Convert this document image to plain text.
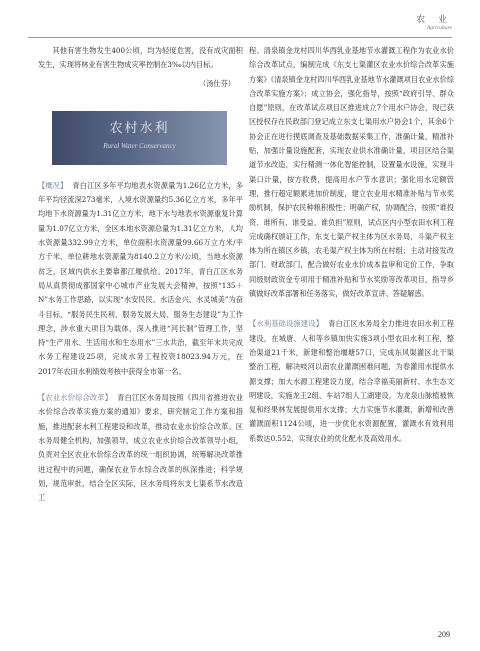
农 业
Agriculture

其他有害生物发生400公顷，均为轻度危害，没有成灾面积发生，实现将林业有害生物成灾率控制在3‰以内目标。

（汤仕芬）

农村水利
Rural Water Conservancy

【概况】 青白江区多年平均地表水资源量为1.26亿立方米，多年平均径流深273毫米，入境水资源量约5.36亿立方米，多年平均地下水资源量为1.31亿立方米，地下水与地表水资源重复计算量为1.07亿立方米，全区本地水资源总量为1.31亿立方米，人均水资源量332.99立方米，单位面积水资源量99.66万立方米/平方千米，单位耕地水资源量为8140.2立方米/公顷，当地水资源贫乏，区域内供水主要靠都江堰供给。2017年，青白江区水务局从真贯彻成都国家中心城市产业发展大会精神，按照“135＋N”水务工作思路，以实现“水安民民、水活金兴、水灵城美”为奋斗目标，“服务民生民利、服务发展大局、服务生态建设”为工作理念，涉水重大项目为载体，深入推进“河长制”管理工作，坚持“生产用水、生活用水和生态用水”三水共治，截至年末共完成水务工程建设25项，完成水务工程投资18023.94万元，在2017年农田水利绩效考核中获得全市第一名。

【农业水价综合改革】 青白江区水务局按照《四川省推进农业水价综合改革实施方案的通知》要求，研究制定工作方案和措施，推进配套水利工程建设和改革，推动农业水价综合改革。区水务局健全机构，加强领导，成立农业水价综合改革领导小组，负责对全区农业水价综合改革的统一组织协调，统筹解决改革推进过程中的问题，确保农业节水综合改革的纵深推进；科学规划，规范审批，结合全区实际，区水务局将东支七渠系节水改造工

程、清泉镇金龙村四川华西乳业基地节水灌溉工程作为农业水价综合改革试点，编制完成《东支七渠灌区农业水价综合改革实施方案》《清泉镇金龙村四川华西乳业基地节水灌溉项目农业水价综合改革实施方案》；成立协会，强化指导，按照“政府引导、群众自愿”原则，在改革试点项目区推进成立7个用水户协会，现已获区授权存在民政部门登记成立东支七渠用水户协会1个，其余6个协会正在进行摸底调查及基础数据采集工作，准确计量，精准补贴，加强计量设施配套，实现农业供水准确计量，项目区结合渠道节水改造，实行精测一体化智能控制，设置量水设施，实现斗渠口计量，按方收费，提高用水户节水意识；强化用水定额管理，推行超定额累进加价制度，建立农业用水精准补贴与节水奖励机制，保护农民种粮积极性；明确产权，协调配合，按照“谁投资、谁所有、谁受益、谁负担”原则，试点区内小型农田水利工程完成确权颁证工作，东支七渠产权主体为区水务局，斗渠产权主体为所在镇区乡镇，农毛渠产权主体为所在村组；主动对接发改部门、财政部门，配合做好农业水价成本监审和定价工作，争取同级财政资金专项用于精准补贴和节水奖励等改革项目，指导乡镇做好改革部署和任务落实，做好改革宣讲、答疑解惑。

【水利基础设施建设】 青白江区水务局全力推进农田水利工程建设，在城唐、人和等乡镇加快实施3项小型农田水利工程，整治渠道21千米，新建和整治堰塘57口，完成东风渠灌区北干渠整治工程，解决岐河以南农业灌溉困难问题，为春灌用水提供水源支撑；加大水源工程建设力度，结合幸福美丽新村、水生态文明建设，实施龙王2组、车站7组人工湖建设，为龙泉山脉植被恢复和经果林发展提供用水支撑；大力实施节水灌溉，新增和改善灌溉面积1124公顷，进一步优化水资源配置，灌溉水有效利用系数达0.552，实现农业的优化配水及高效用水。

209
